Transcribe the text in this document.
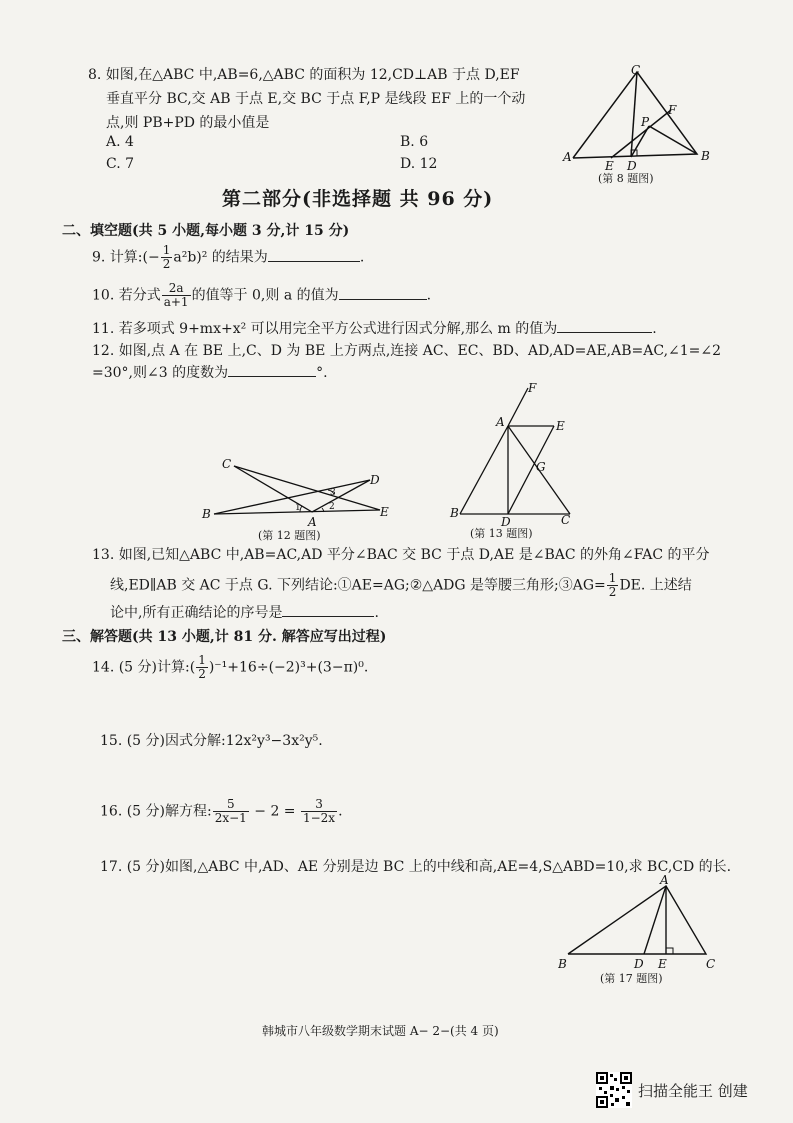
8. 如图,在△ABC 中,AB=6,△ABC 的面积为 12,CD⊥AB 于点 D,EF
垂直平分 BC,交 AB 于点 E,交 BC 于点 F,P 是线段 EF 上的一个动
点,则 PB+PD 的最小值是
A. 4	B. 6
C. 7	D. 12	A	B
C
D
E
F
P
(第 8 题图)
第二部分(非选择题 共 96 分)
二、填空题(共 5 小题,每小题 3 分,计 15 分)
9. 计算:(− $\frac{1}{2} a^2b)^2$ 的结果为	.
10. 若分式 $\frac{2a}{a+1}$ 的值等于 0,则 a 的值为	.
11. 若多项式 9+mx+x² 可以用完全平方公式进行因式分解,那么 m 的值为	.
12. 如图,点 A 在 BE 上,C、D 为 BE 上方两点,连接 AC、EC、BD、AD,AD=AE,AB=AC,∠1=∠2
=30°,则∠3 的度数为	°.
B
C
D
E
A
1	2
3
(第 12 题图)
B	C
D
A	E
F
G
(第 13 题图)
13. 如图,已知△ABC 中,AB=AC,AD 平分∠BAC 交 BC 于点 D,AE 是∠BAC 的外角∠FAC 的平分
线,ED∥AB 交 AC 于点 G. 下列结论:①AE=AG;②△ADG 是等腰三角形;③AG= $\frac{1}{2}$ DE. 上述结
论中,所有正确结论的序号是	.
三、解答题(共 13 小题,计 81 分. 解答应写出过程)
14. (5 分)计算:( $\frac{1}{2} )^{-1}+16\div(-2)^3+(3-\pi)^0$.
15. (5 分)因式分解:12x²y³−3x²y⁵.
16. (5 分)解方程: $\frac{5}{2x-1} - 2 = \frac{3}{1-2x}$ .
17. (5 分)如图,△ABC 中,AD、AE 分别是边 BC 上的中线和高,AE=4,S△ABD=10,求 BC,CD 的长.
B	C
A
D E
(第 17 题图)
韩城市八年级数学期末试题 A− 2−(共 4 页)
扫描全能王 创建
